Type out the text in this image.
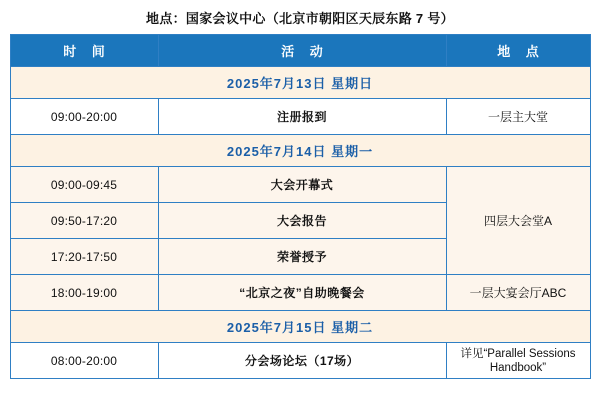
地点：国家会议中心（北京市朝阳区天辰东路 7 号）
时 间	活 动	地 点
2025年7月13日 星期日		
09:00-20:00	注册报到	一层主大堂
2025年7月14日 星期一		
09:00-09:45	大会开幕式	四层大会堂A
09:50-17:20	大会报告	
17:20-17:50	荣誉授予	
18:00-19:00	“北京之夜”自助晚餐会	一层大宴会厅ABC
2025年7月15日 星期二		
08:00-20:00	分会场论坛（17场）	详见“Parallel Sessions
Handbook”
